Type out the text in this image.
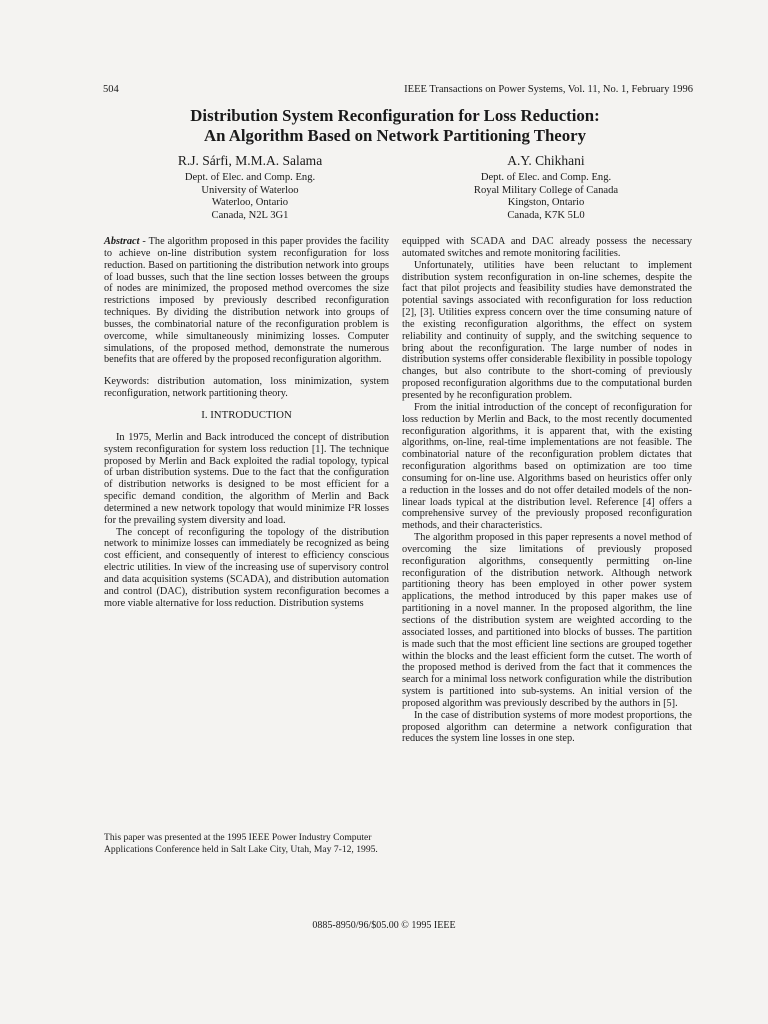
504	IEEE Transactions on Power Systems, Vol. 11, No. 1, February 1996
Distribution System Reconfiguration for Loss Reduction:
An Algorithm Based on Network Partitioning Theory
R.J. Sárfi, M.M.A. Salama
Dept. of Elec. and Comp. Eng.
University of Waterloo
Waterloo, Ontario
Canada, N2L 3G1
A.Y. Chikhani
Dept. of Elec. and Comp. Eng.
Royal Military College of Canada
Kingston, Ontario
Canada, K7K 5L0

Abstract - The algorithm proposed in this paper provides the facility to achieve on-line distribution system reconfiguration for loss reduction. Based on partitioning the distribution network into groups of load busses, such that the line section losses between the groups of nodes are minimized, the proposed method overcomes the size restrictions imposed by previously described reconfiguration techniques. By dividing the distribution network into groups of busses, the combinatorial nature of the reconfiguration problem is overcome, while simultaneously minimizing losses. Computer simulations, of the proposed method, demonstrate the numerous benefits that are offered by the proposed reconfiguration algorithm.

Keywords: distribution automation, loss minimization, system reconfiguration, network partitioning theory.

I. INTRODUCTION

In 1975, Merlin and Back introduced the concept of distribution system reconfiguration for system loss reduction [1]. The technique proposed by Merlin and Back exploited the radial topology, typical of urban distribution systems. Due to the fact that the configuration of distribution networks is designed to be most efficient for a specific demand condition, the algorithm of Merlin and Back determined a new network topology that would minimize I²R losses for the prevailing system diversity and load.

The concept of reconfiguring the topology of the distribution network to minimize losses can immediately be recognized as being cost efficient, and consequently of interest to efficiency conscious electric utilities. In view of the increasing use of supervisory control and data acquisition systems (SCADA), and distribution automation and control (DAC), distribution system reconfiguration becomes a more viable alternative for loss reduction. Distribution systems

equipped with SCADA and DAC already possess the necessary automated switches and remote monitoring facilities.

Unfortunately, utilities have been reluctant to implement distribution system reconfiguration in on-line schemes, despite the fact that pilot projects and feasibility studies have demonstrated the potential savings associated with reconfiguration for loss reduction [2], [3]. Utilities express concern over the time consuming nature of the existing reconfiguration algorithms, the effect on system reliability and continuity of supply, and the switching sequence to bring about the reconfiguration. The large number of nodes in distribution systems offer considerable flexibility in possible topology changes, but also contribute to the short-coming of previously proposed reconfiguration algorithms due to the computational burden presented by he reconfiguration problem.

From the initial introduction of the concept of reconfiguration for loss reduction by Merlin and Back, to the most recently documented reconfiguration algorithms, it is apparent that, with the existing algorithms, on-line, real-time implementations are not feasible. The combinatorial nature of the reconfiguration problem dictates that reconfiguration algorithms based on optimization are too time consuming for on-line use. Algorithms based on heuristics offer only a reduction in the losses and do not offer detailed models of the non-linear loads typical at the distribution level. Reference [4] offers a comprehensive survey of the previously proposed reconfiguration methods, and their characteristics.

The algorithm proposed in this paper represents a novel method of overcoming the size limitations of previously proposed reconfiguration algorithms, consequently permitting on-line reconfiguration of the distribution network. Although network partitioning theory has been employed in other power system applications, the method introduced by this paper makes use of partitioning in a novel manner. In the proposed algorithm, the line sections of the distribution system are weighted according to the associated losses, and partitioned into blocks of busses. The partition is made such that the most efficient line sections are grouped together within the blocks and the least efficient form the cutset. The worth of the proposed method is derived from the fact that it commences the search for a minimal loss network configuration while the distribution system is partitioned into sub-systems. An initial version of the proposed algorithm was previously described by the authors in [5].

In the case of distribution systems of more modest proportions, the proposed algorithm can determine a network configuration that reduces the system line losses in one step.

This paper was presented at the 1995 IEEE Power Industry Computer Applications Conference held in Salt Lake City, Utah, May 7-12, 1995.
0885-8950/96/$05.00 © 1995 IEEE
